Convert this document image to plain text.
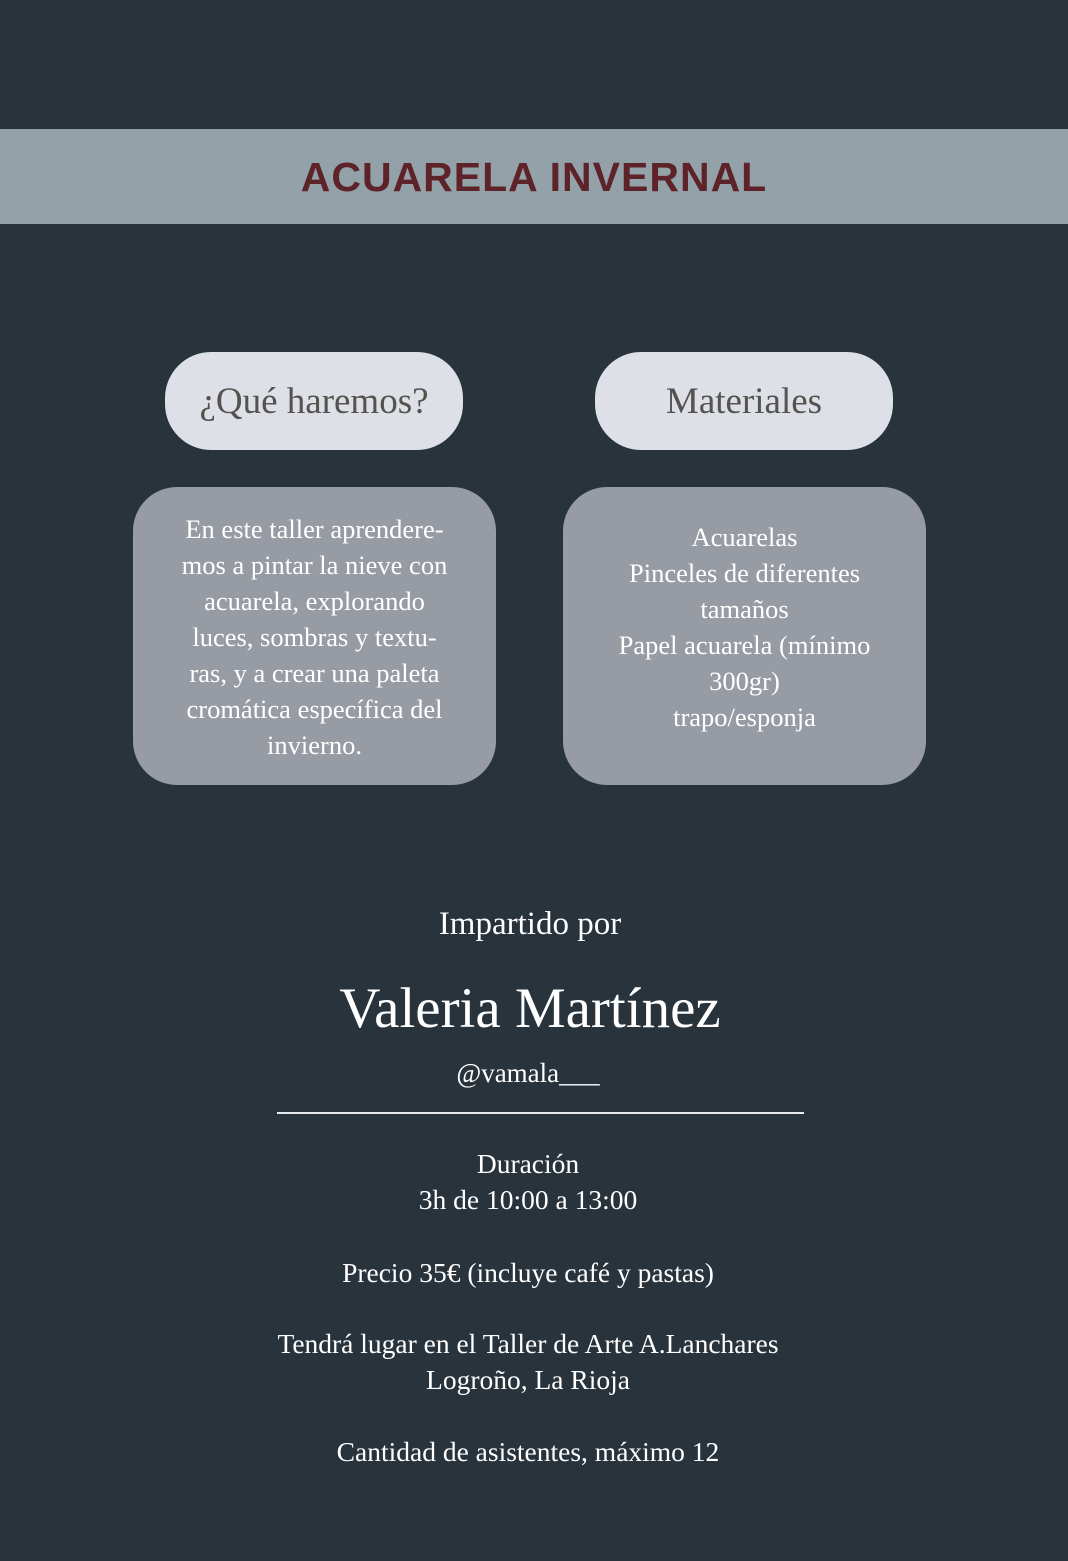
ACUARELA INVERNAL
¿Qué haremos?	Materiales
En este taller aprendere-
mos a pintar la nieve con
acuarela, explorando
luces, sombras y textu-
ras, y a crear una paleta
cromática específica del
invierno.
Acuarelas
Pinceles de diferentes
tamaños
Papel acuarela (mínimo
300gr)
trapo/esponja

Impartido por

Valeria Martínez

@vamala___

Duración
3h de 10:00 a 13:00
Precio 35€ (incluye café y pastas)
Tendrá lugar en el Taller de Arte A.Lanchares
Logroño, La Rioja
Cantidad de asistentes, máximo 12
